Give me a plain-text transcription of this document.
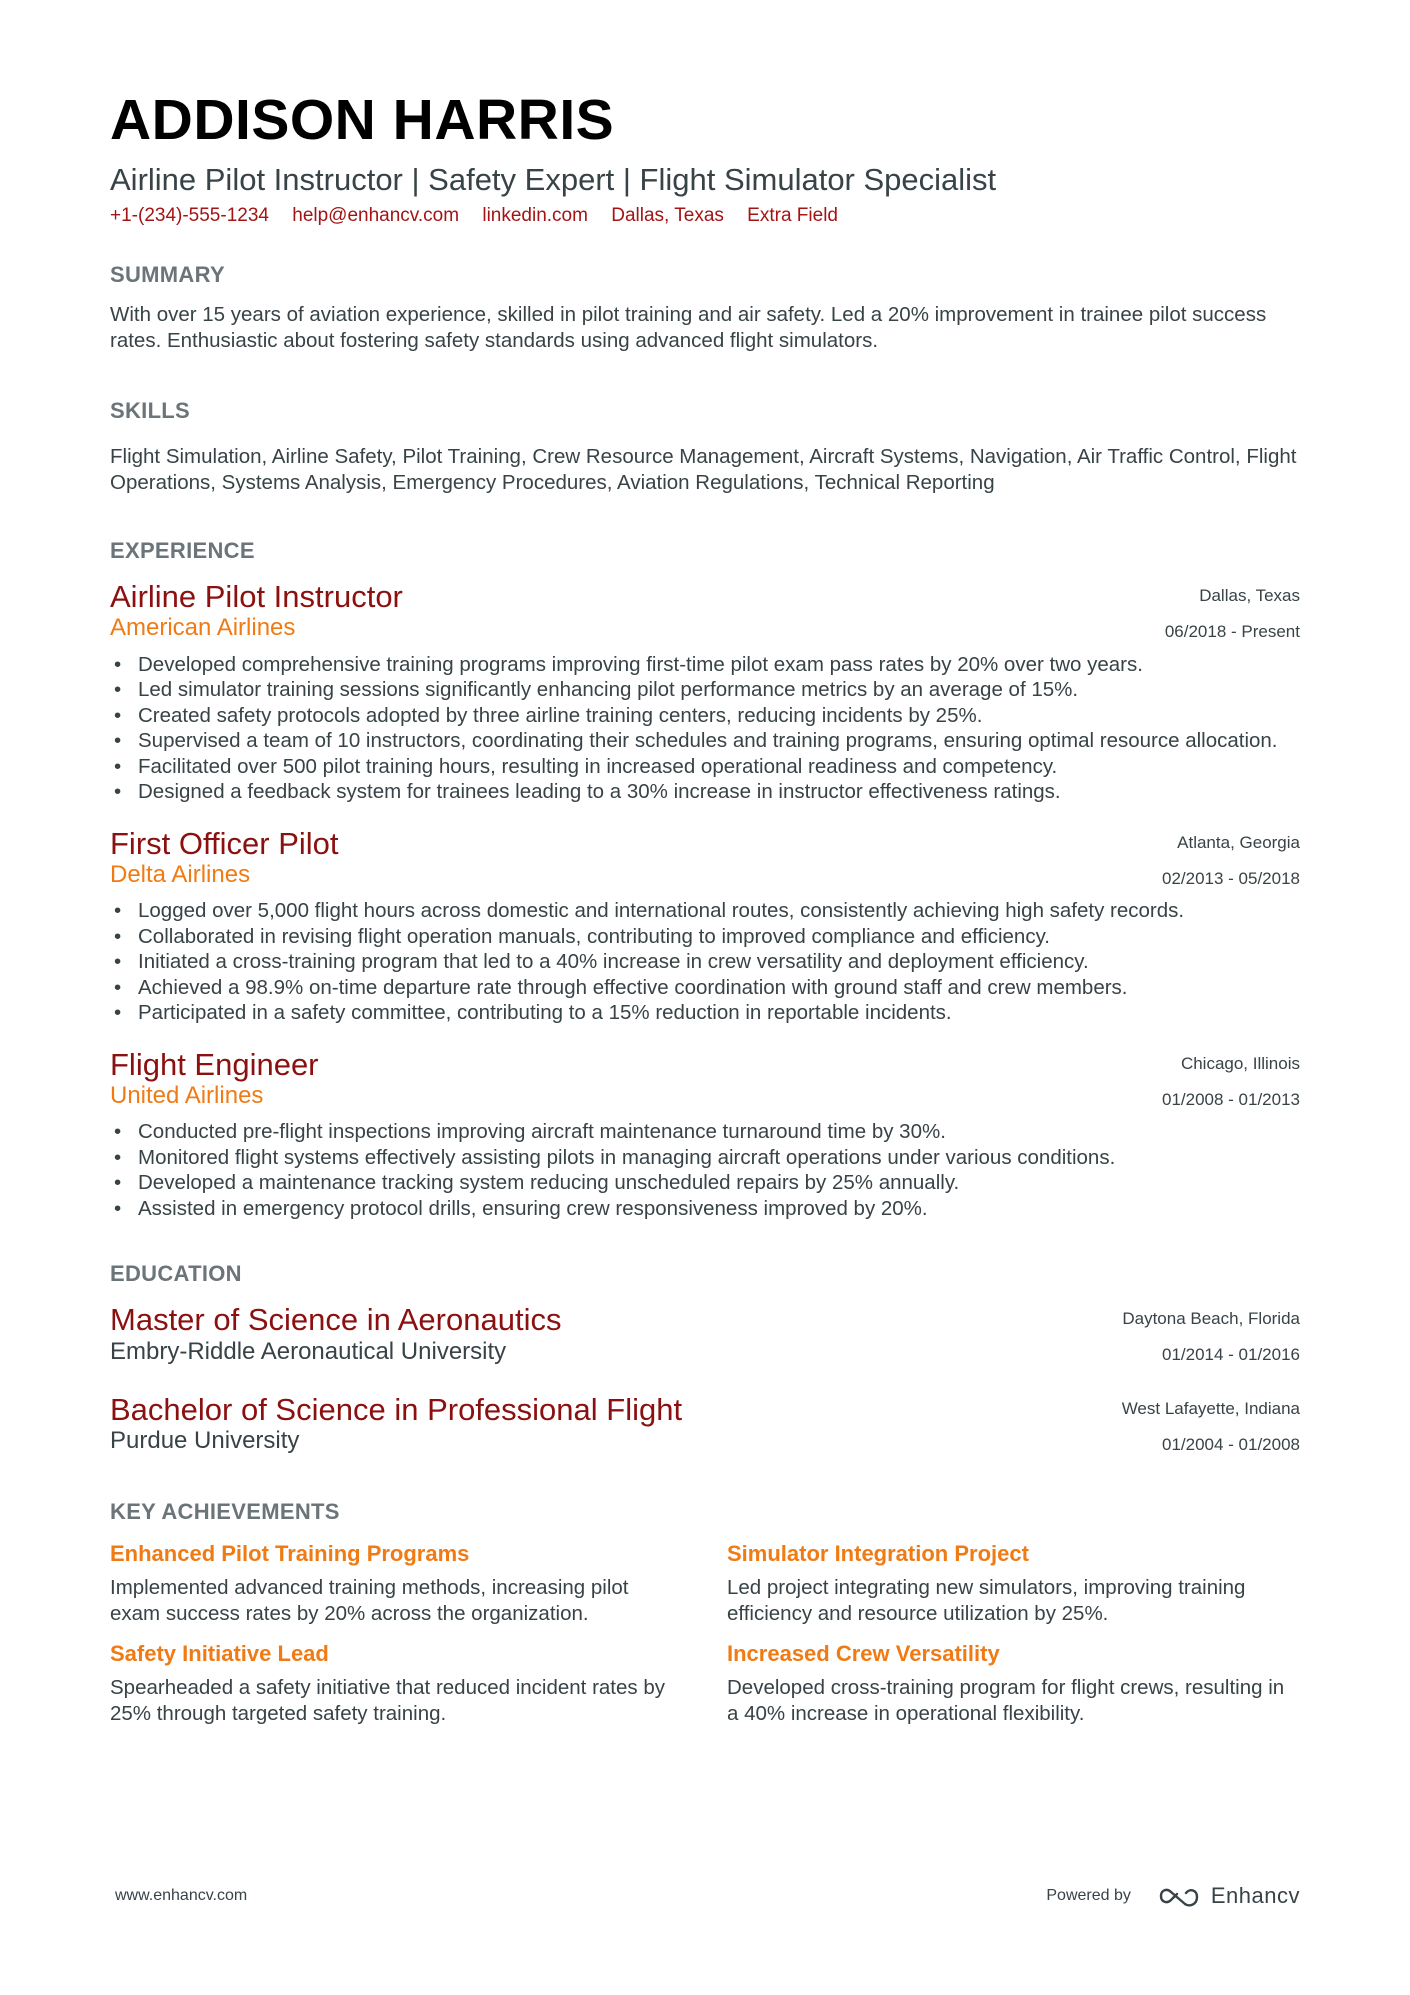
ADDISON HARRIS
Airline Pilot Instructor | Safety Expert | Flight Simulator Specialist
+1-(234)-555-1234 help@enhancv.com linkedin.com Dallas, Texas Extra Field
SUMMARY
With over 15 years of aviation experience, skilled in pilot training and air safety. Led a 20% improvement in trainee pilot success rates. Enthusiastic about fostering safety standards using advanced flight simulators.
SKILLS
Flight Simulation, Airline Safety, Pilot Training, Crew Resource Management, Aircraft Systems, Navigation, Air Traffic Control, Flight Operations, Systems Analysis, Emergency Procedures, Aviation Regulations, Technical Reporting
EXPERIENCE
Airline Pilot Instructor
American Airlines
Dallas, Texas
06/2018 - Present
• Developed comprehensive training programs improving first-time pilot exam pass rates by 20% over two years.
• Led simulator training sessions significantly enhancing pilot performance metrics by an average of 15%.
• Created safety protocols adopted by three airline training centers, reducing incidents by 25%.
• Supervised a team of 10 instructors, coordinating their schedules and training programs, ensuring optimal resource allocation.
• Facilitated over 500 pilot training hours, resulting in increased operational readiness and competency.
• Designed a feedback system for trainees leading to a 30% increase in instructor effectiveness ratings.
First Officer Pilot
Delta Airlines
Atlanta, Georgia
02/2013 - 05/2018
• Logged over 5,000 flight hours across domestic and international routes, consistently achieving high safety records.
• Collaborated in revising flight operation manuals, contributing to improved compliance and efficiency.
• Initiated a cross-training program that led to a 40% increase in crew versatility and deployment efficiency.
• Achieved a 98.9% on-time departure rate through effective coordination with ground staff and crew members.
• Participated in a safety committee, contributing to a 15% reduction in reportable incidents.
Flight Engineer
United Airlines
Chicago, Illinois
01/2008 - 01/2013
• Conducted pre-flight inspections improving aircraft maintenance turnaround time by 30%.
• Monitored flight systems effectively assisting pilots in managing aircraft operations under various conditions.
• Developed a maintenance tracking system reducing unscheduled repairs by 25% annually.
• Assisted in emergency protocol drills, ensuring crew responsiveness improved by 20%.
EDUCATION
Master of Science in Aeronautics
Embry-Riddle Aeronautical University
Daytona Beach, Florida
01/2014 - 01/2016
Bachelor of Science in Professional Flight
Purdue University
West Lafayette, Indiana
01/2004 - 01/2008
KEY ACHIEVEMENTS
Enhanced Pilot Training Programs
Implemented advanced training methods, increasing pilot exam success rates by 20% across the organization.
Simulator Integration Project
Led project integrating new simulators, improving training efficiency and resource utilization by 25%.
Safety Initiative Lead
Spearheaded a safety initiative that reduced incident rates by 25% through targeted safety training.
Increased Crew Versatility
Developed cross-training program for flight crews, resulting in a 40% increase in operational flexibility.
www.enhancv.com	Powered by	Enhancv
